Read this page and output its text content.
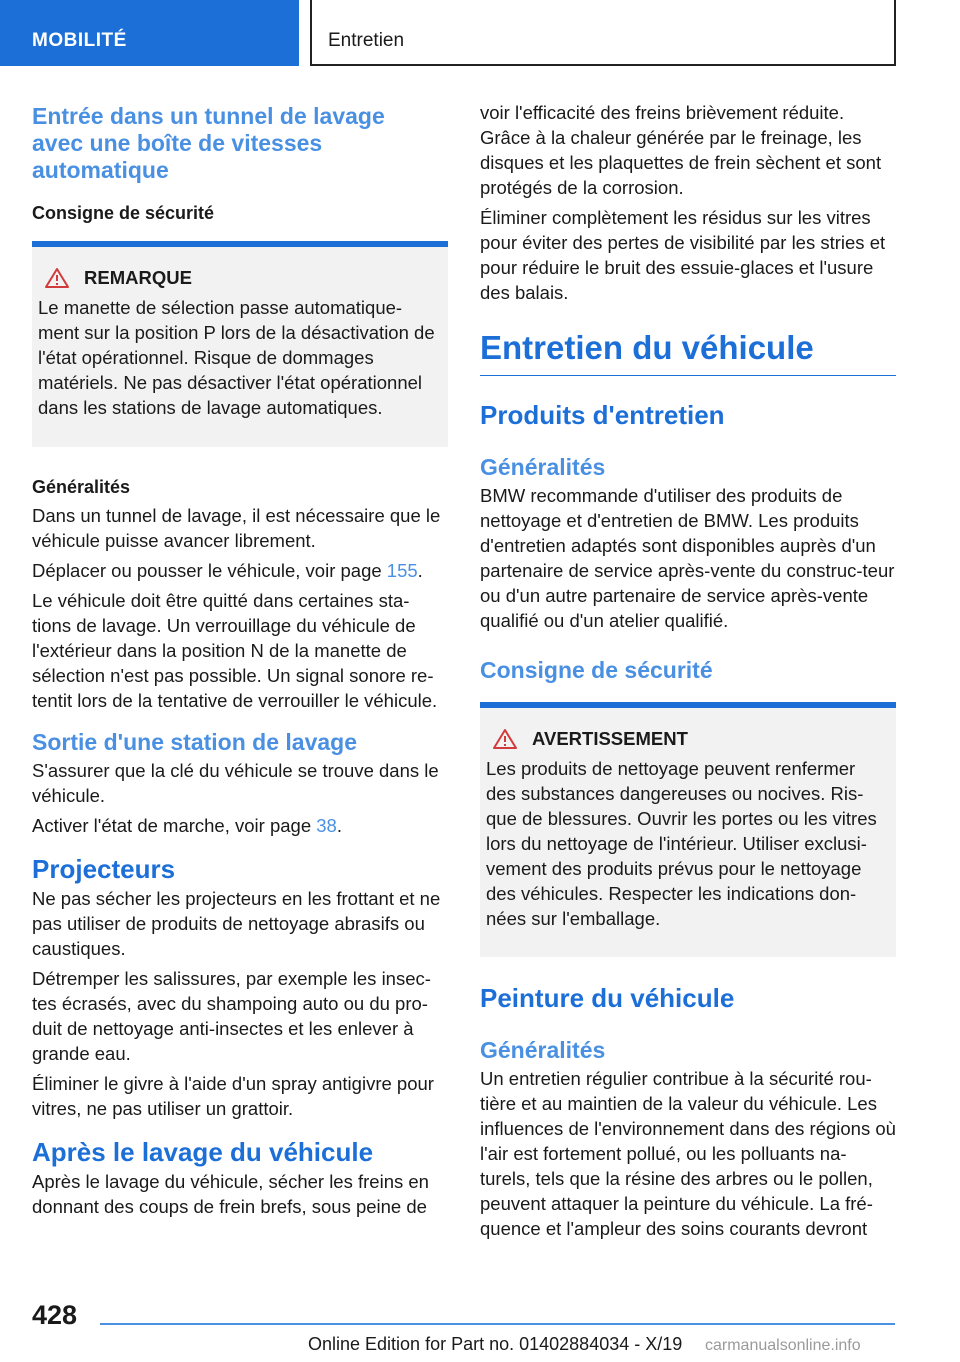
MOBILITÉ	Entretien
Entrée dans un tunnel de lavage avec une boîte de vitesses automatique
Consigne de sécurité
REMARQUE
Le manette de sélection passe automatique-ment sur la position P lors de la désactivation de l'état opérationnel. Risque de dommages matériels. Ne pas désactiver l'état opérationnel dans les stations de lavage automatiques.
Généralités
Dans un tunnel de lavage, il est nécessaire que le véhicule puisse avancer librement.
Déplacer ou pousser le véhicule, voir page 155.
Le véhicule doit être quitté dans certaines sta-tions de lavage. Un verrouillage du véhicule de l'extérieur dans la position N de la manette de sélection n'est pas possible. Un signal sonore re-tentit lors de la tentative de verrouiller le véhicule.
Sortie d'une station de lavage
S'assurer que la clé du véhicule se trouve dans le véhicule.
Activer l'état de marche, voir page 38.
Projecteurs
Ne pas sécher les projecteurs en les frottant et ne pas utiliser de produits de nettoyage abrasifs ou caustiques.
Détremper les salissures, par exemple les insec-tes écrasés, avec du shampoing auto ou du pro-duit de nettoyage anti-insectes et les enlever à grande eau.
Éliminer le givre à l'aide d'un spray antigivre pour vitres, ne pas utiliser un grattoir.
Après le lavage du véhicule
Après le lavage du véhicule, sécher les freins en donnant des coups de frein brefs, sous peine de
voir l'efficacité des freins brièvement réduite. Grâce à la chaleur générée par le freinage, les disques et les plaquettes de frein sèchent et sont protégés de la corrosion.
Éliminer complètement les résidus sur les vitres pour éviter des pertes de visibilité par les stries et pour réduire le bruit des essuie-glaces et l'usure des balais.
Entretien du véhicule
Produits d'entretien
Généralités
BMW recommande d'utiliser des produits de nettoyage et d'entretien de BMW. Les produits d'entretien adaptés sont disponibles auprès d'un partenaire de service après-vente du construc-teur ou d'un autre partenaire de service après-vente qualifié ou d'un atelier qualifié.
Consigne de sécurité
AVERTISSEMENT
Les produits de nettoyage peuvent renfermer des substances dangereuses ou nocives. Ris-que de blessures. Ouvrir les portes ou les vitres lors du nettoyage de l'intérieur. Utiliser exclusi-vement des produits prévus pour le nettoyage des véhicules. Respecter les indications don-nées sur l'emballage.
Peinture du véhicule
Généralités
Un entretien régulier contribue à la sécurité rou-tière et au maintien de la valeur du véhicule. Les influences de l'environnement dans des régions où l'air est fortement pollué, ou les polluants na-turels, tels que la résine des arbres ou le pollen, peuvent attaquer la peinture du véhicule. La fré-quence et l'ampleur des soins courants devront
428
Online Edition for Part no. 01402884034 - X/19 carmanualsonline.info
